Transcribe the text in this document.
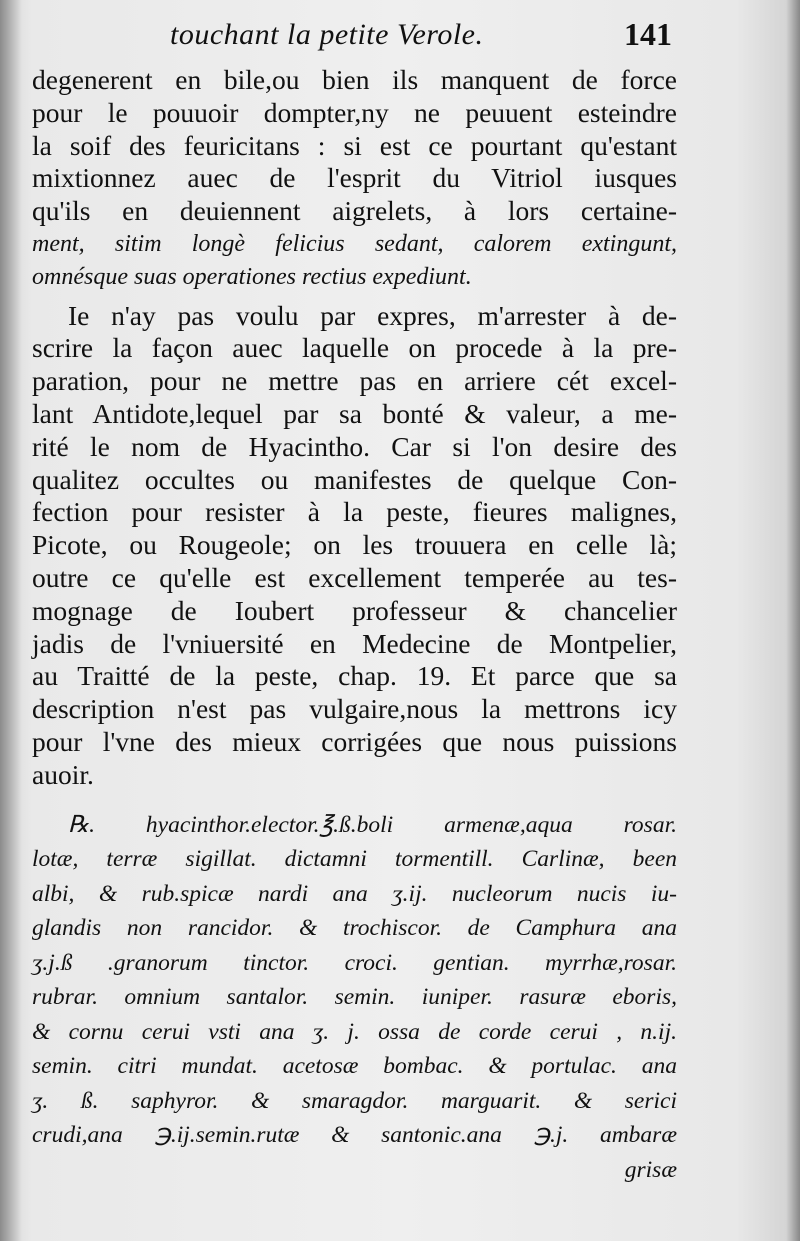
touchant la petite Verole.	141
degenerent en bile,ou bien ils manquent de force
pour le pouuoir dompter,ny ne peuuent esteindre
la soif des feuricitans : si est ce pourtant qu'estant
mixtionnez auec de l'esprit du Vitriol iusques
qu'ils en deuiennent aigrelets, à lors certaine-
ment, sitim longè felicius sedant, calorem extingunt,
omnésque suas operationes rectius expediunt.
Ie n'ay pas voulu par expres, m'arrester à de-
scrire la façon auec laquelle on procede à la pre-
paration, pour ne mettre pas en arriere cét excel-
lant Antidote,lequel par sa bonté & valeur, a me-
rité le nom de Hyacintho. Car si l'on desire des
qualitez occultes ou manifestes de quelque Con-
fection pour resister à la peste, fieures malignes,
Picote, ou Rougeole; on les trouuera en celle là;
outre ce qu'elle est excellement temperée au tes-
mognage de Ioubert professeur & chancelier
jadis de l'vniuersité en Medecine de Montpelier,
au Traitté de la peste, chap. 19. Et parce que sa
description n'est pas vulgaire,nous la mettrons icy
pour l'vne des mieux corrigées que nous puissions
auoir.
℞. hyacinthor.elector.℥.ß.boli armenæ,aqua rosar.
lotæ, terræ sigillat. dictamni tormentill. Carlinæ, been
albi, & rub.spicæ nardi ana ʒ.ij. nucleorum nucis iu-
glandis non rancidor. & trochiscor. de Camphura ana
ʒ.j.ß .granorum tinctor. croci. gentian. myrrhæ,rosar.
rubrar. omnium santalor. semin. iuniper. rasuræ eboris,
& cornu cerui vsti ana ʒ. j. ossa de corde cerui , n.ij.
semin. citri mundat. acetosæ bombac. & portulac. ana
ʒ. ß. saphyror. & smaragdor. marguarit. & serici
crudi,ana ℈.ij.semin.rutæ & santonic.ana ℈.j. ambaræ
grisæ
